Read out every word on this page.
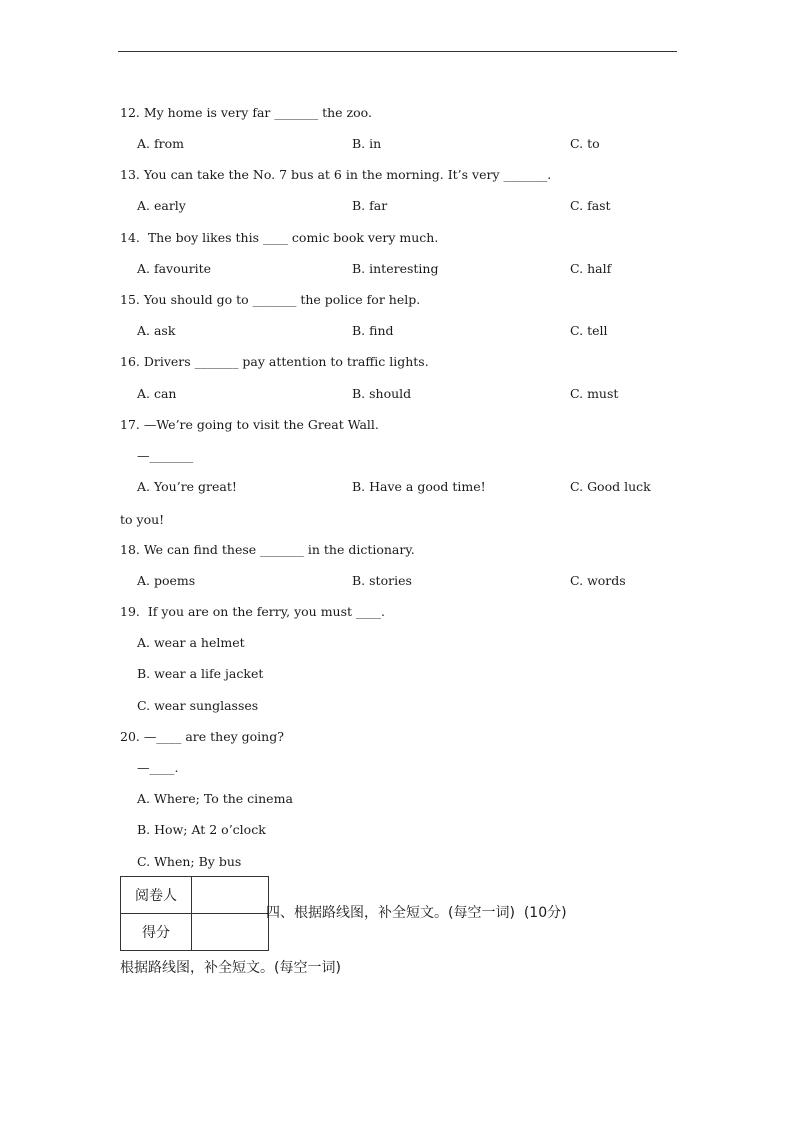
12. My home is very far _______ the zoo.
A. from	B. in	C. to
13. You can take the No. 7 bus at 6 in the morning. It’s very _______.
A. early	B. far	C. fast
14.  The boy likes this ____ comic book very much.
A. favourite	B. interesting	C. half
15. You should go to _______ the police for help.
A. ask	B. find	C. tell
16. Drivers _______ pay attention to traffic lights.
A. can	B. should	C. must
17. —We’re going to visit the Great Wall.
—_______
A. You’re great!	B. Have a good time!	C. Good luck
to you!
18. We can find these _______ in the dictionary.
A. poems	B. stories	C. words
19.  If you are on the ferry, you must ____.
A. wear a helmet
B. wear a life jacket
C. wear sunglasses
20. —____ are they going?
—____.
A. Where; To the cinema
B. How; At 2 o’clock
C. When; By bus
阅卷人	
得分	
四、根据路线图，补全短文。(每空一词)  (10分)
根据路线图，补全短文。(每空一词)
